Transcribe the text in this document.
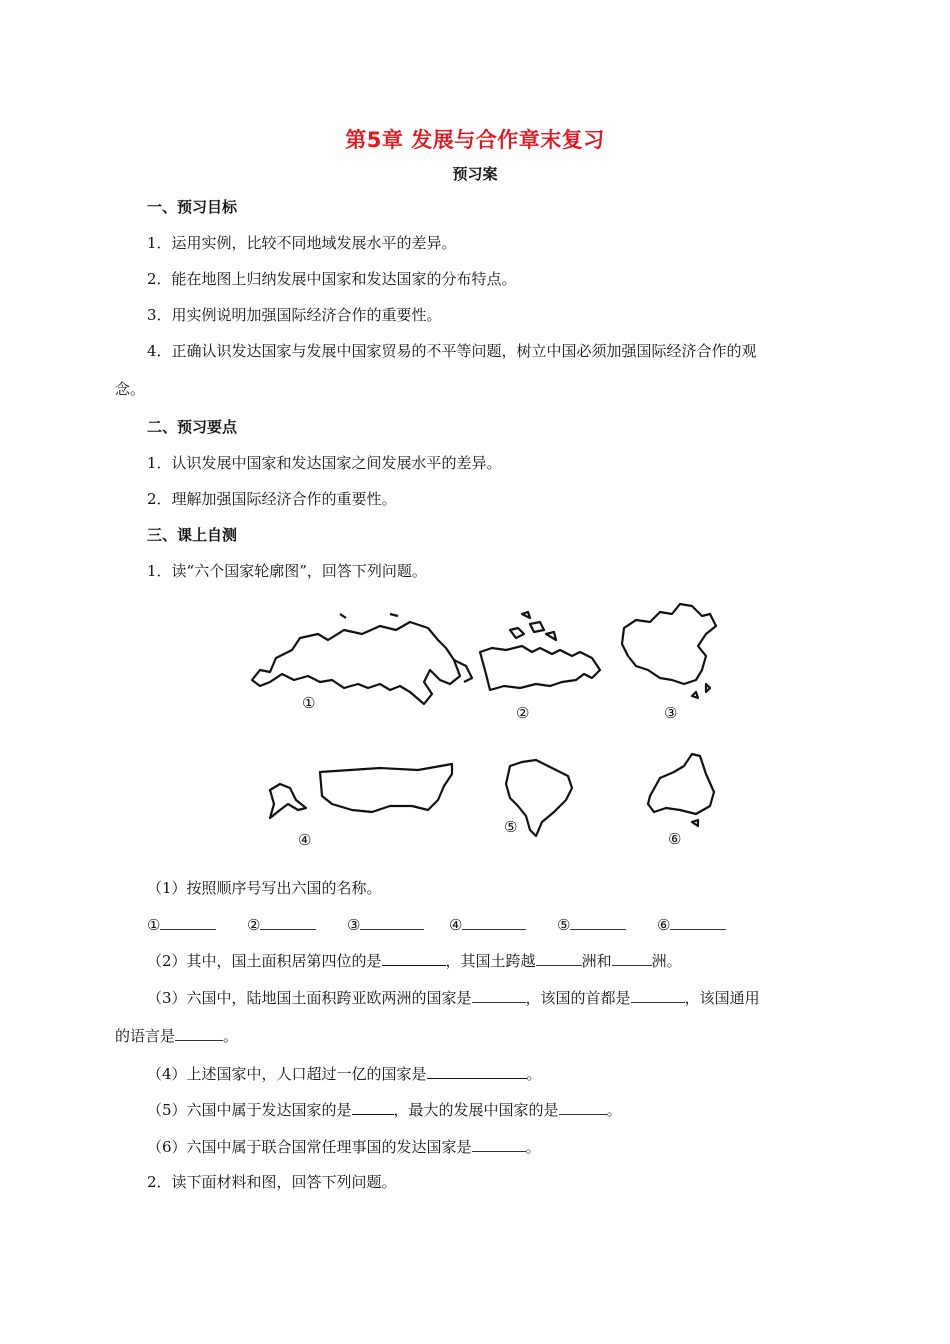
第5章 发展与合作章末复习
预习案
一、预习目标
1．运用实例，比较不同地域发展水平的差异。
2．能在地图上归纳发展中国家和发达国家的分布特点。
3．用实例说明加强国际经济合作的重要性。
4．正确认识发达国家与发展中国家贸易的不平等问题，树立中国必须加强国际经济合作的观
念。
二、预习要点
1．认识发展中国家和发达国家之间发展水平的差异。
2．理解加强国际经济合作的重要性。
三、课上自测
1．读“六个国家轮廓图”，回答下列问题。
①
②	③
④
⑤
⑥
（1）按照顺序号写出六国的名称。
①	②	③	④	⑤	⑥
（2）其中，国土面积居第四位的是	，其国土跨越	洲和	洲。
（3）六国中，陆地国土面积跨亚欧两洲的国家是	，该国的首都是	，该国通用
的语言是	。
（4）上述国家中，人口超过一亿的国家是	。
（5）六国中属于发达国家的是	，最大的发展中国家的是	。
（6）六国中属于联合国常任理事国的发达国家是	。
2．读下面材料和图，回答下列问题。
